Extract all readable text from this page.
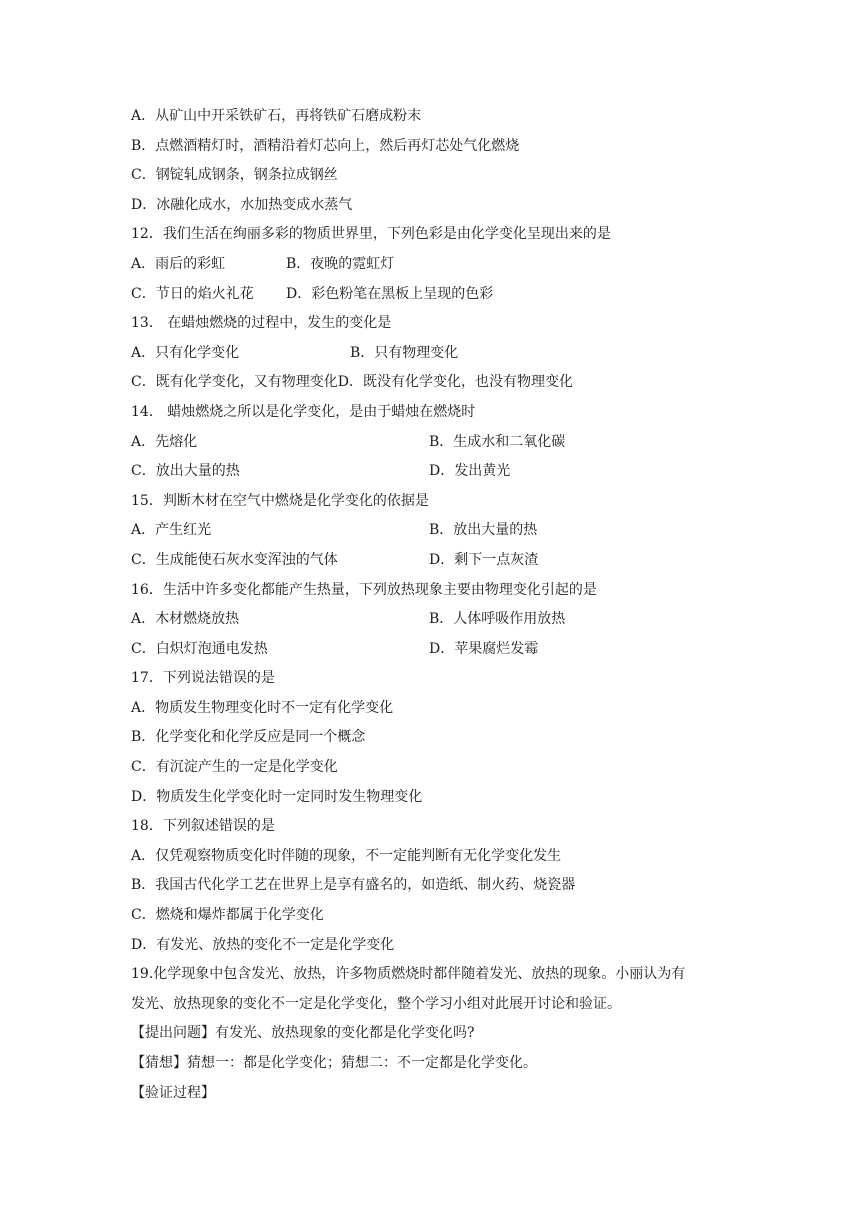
A．从矿山中开采铁矿石，再将铁矿石磨成粉末
B．点燃酒精灯时，酒精沿着灯芯向上，然后再灯芯处气化燃烧
C．钢锭轧成钢条，钢条拉成钢丝
D．冰融化成水，水加热变成水蒸气
12．我们生活在绚丽多彩的物质世界里，下列色彩是由化学变化呈现出来的是
A．雨后的彩虹	B．夜晚的霓虹灯
C．节日的焰火礼花	D．彩色粉笔在黑板上呈现的色彩
13． 在蜡烛燃烧的过程中，发生的变化是
A．只有化学变化	B．只有物理变化
C．既有化学变化，又有物理变化 D．既没有化学变化，也没有物理变化
14． 蜡烛燃烧之所以是化学变化，是由于蜡烛在燃烧时
A．先熔化	B．生成水和二氧化碳
C．放出大量的热	D．发出黄光
15．判断木材在空气中燃烧是化学变化的依据是
A．产生红光	B．放出大量的热
C．生成能使石灰水变浑浊的气体	D．剩下一点灰渣
16．生活中许多变化都能产生热量，下列放热现象主要由物理变化引起的是
A．木材燃烧放热	B．人体呼吸作用放热
C．白炽灯泡通电发热	D．苹果腐烂发霉
17．下列说法错误的是
A．物质发生物理变化时不一定有化学变化
B．化学变化和化学反应是同一个概念
C．有沉淀产生的一定是化学变化
D．物质发生化学变化时一定同时发生物理变化
18．下列叙述错误的是
A．仅凭观察物质变化时伴随的现象，不一定能判断有无化学变化发生
B．我国古代化学工艺在世界上是享有盛名的，如造纸、制火药、烧瓷器
C．燃烧和爆炸都属于化学变化
D．有发光、放热的变化不一定是化学变化
19.化学现象中包含发光、放热，许多物质燃烧时都伴随着发光、放热的现象。小丽认为有
发光、放热现象的变化不一定是化学变化，整个学习小组对此展开讨论和验证。
【提出问题】有发光、放热现象的变化都是化学变化吗?
【猜想】猜想一：都是化学变化；猜想二：不一定都是化学变化。
【验证过程】
